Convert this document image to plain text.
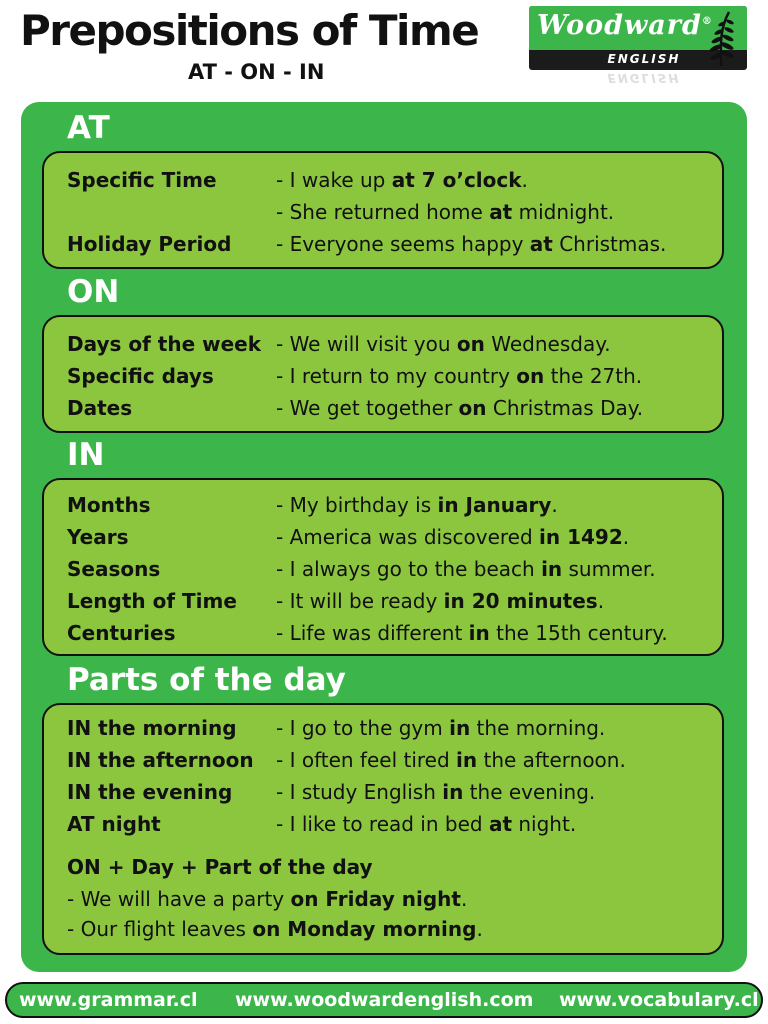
Prepositions of Time
AT - ON - IN
Woodward®
ENGLISH
ENGLISH
AT
Specific Time	- I wake up at 7 o’clock.
- She returned home at midnight.
Holiday Period - Everyone seems happy at Christmas.
ON
Days of the week - We will visit you on Wednesday.
Specific days	- I return to my country on the 27th.
Dates	- We get together on Christmas Day.
IN
Months	- My birthday is in January.
Years	- America was discovered in 1492.
Seasons	- I always go to the beach in summer.
Length of Time - It will be ready in 20 minutes.
Centuries	- Life was different in the 15th century.
Parts of the day
IN the morning - I go to the gym in the morning.
IN the afternoon - I often feel tired in the afternoon.
IN the evening - I study English in the evening.
AT night	- I like to read in bed at night.
ON + Day + Part of the day
- We will have a party on Friday night.
- Our flight leaves on Monday morning.
www.grammar.cl www.woodwardenglish.com www.vocabulary.cl
